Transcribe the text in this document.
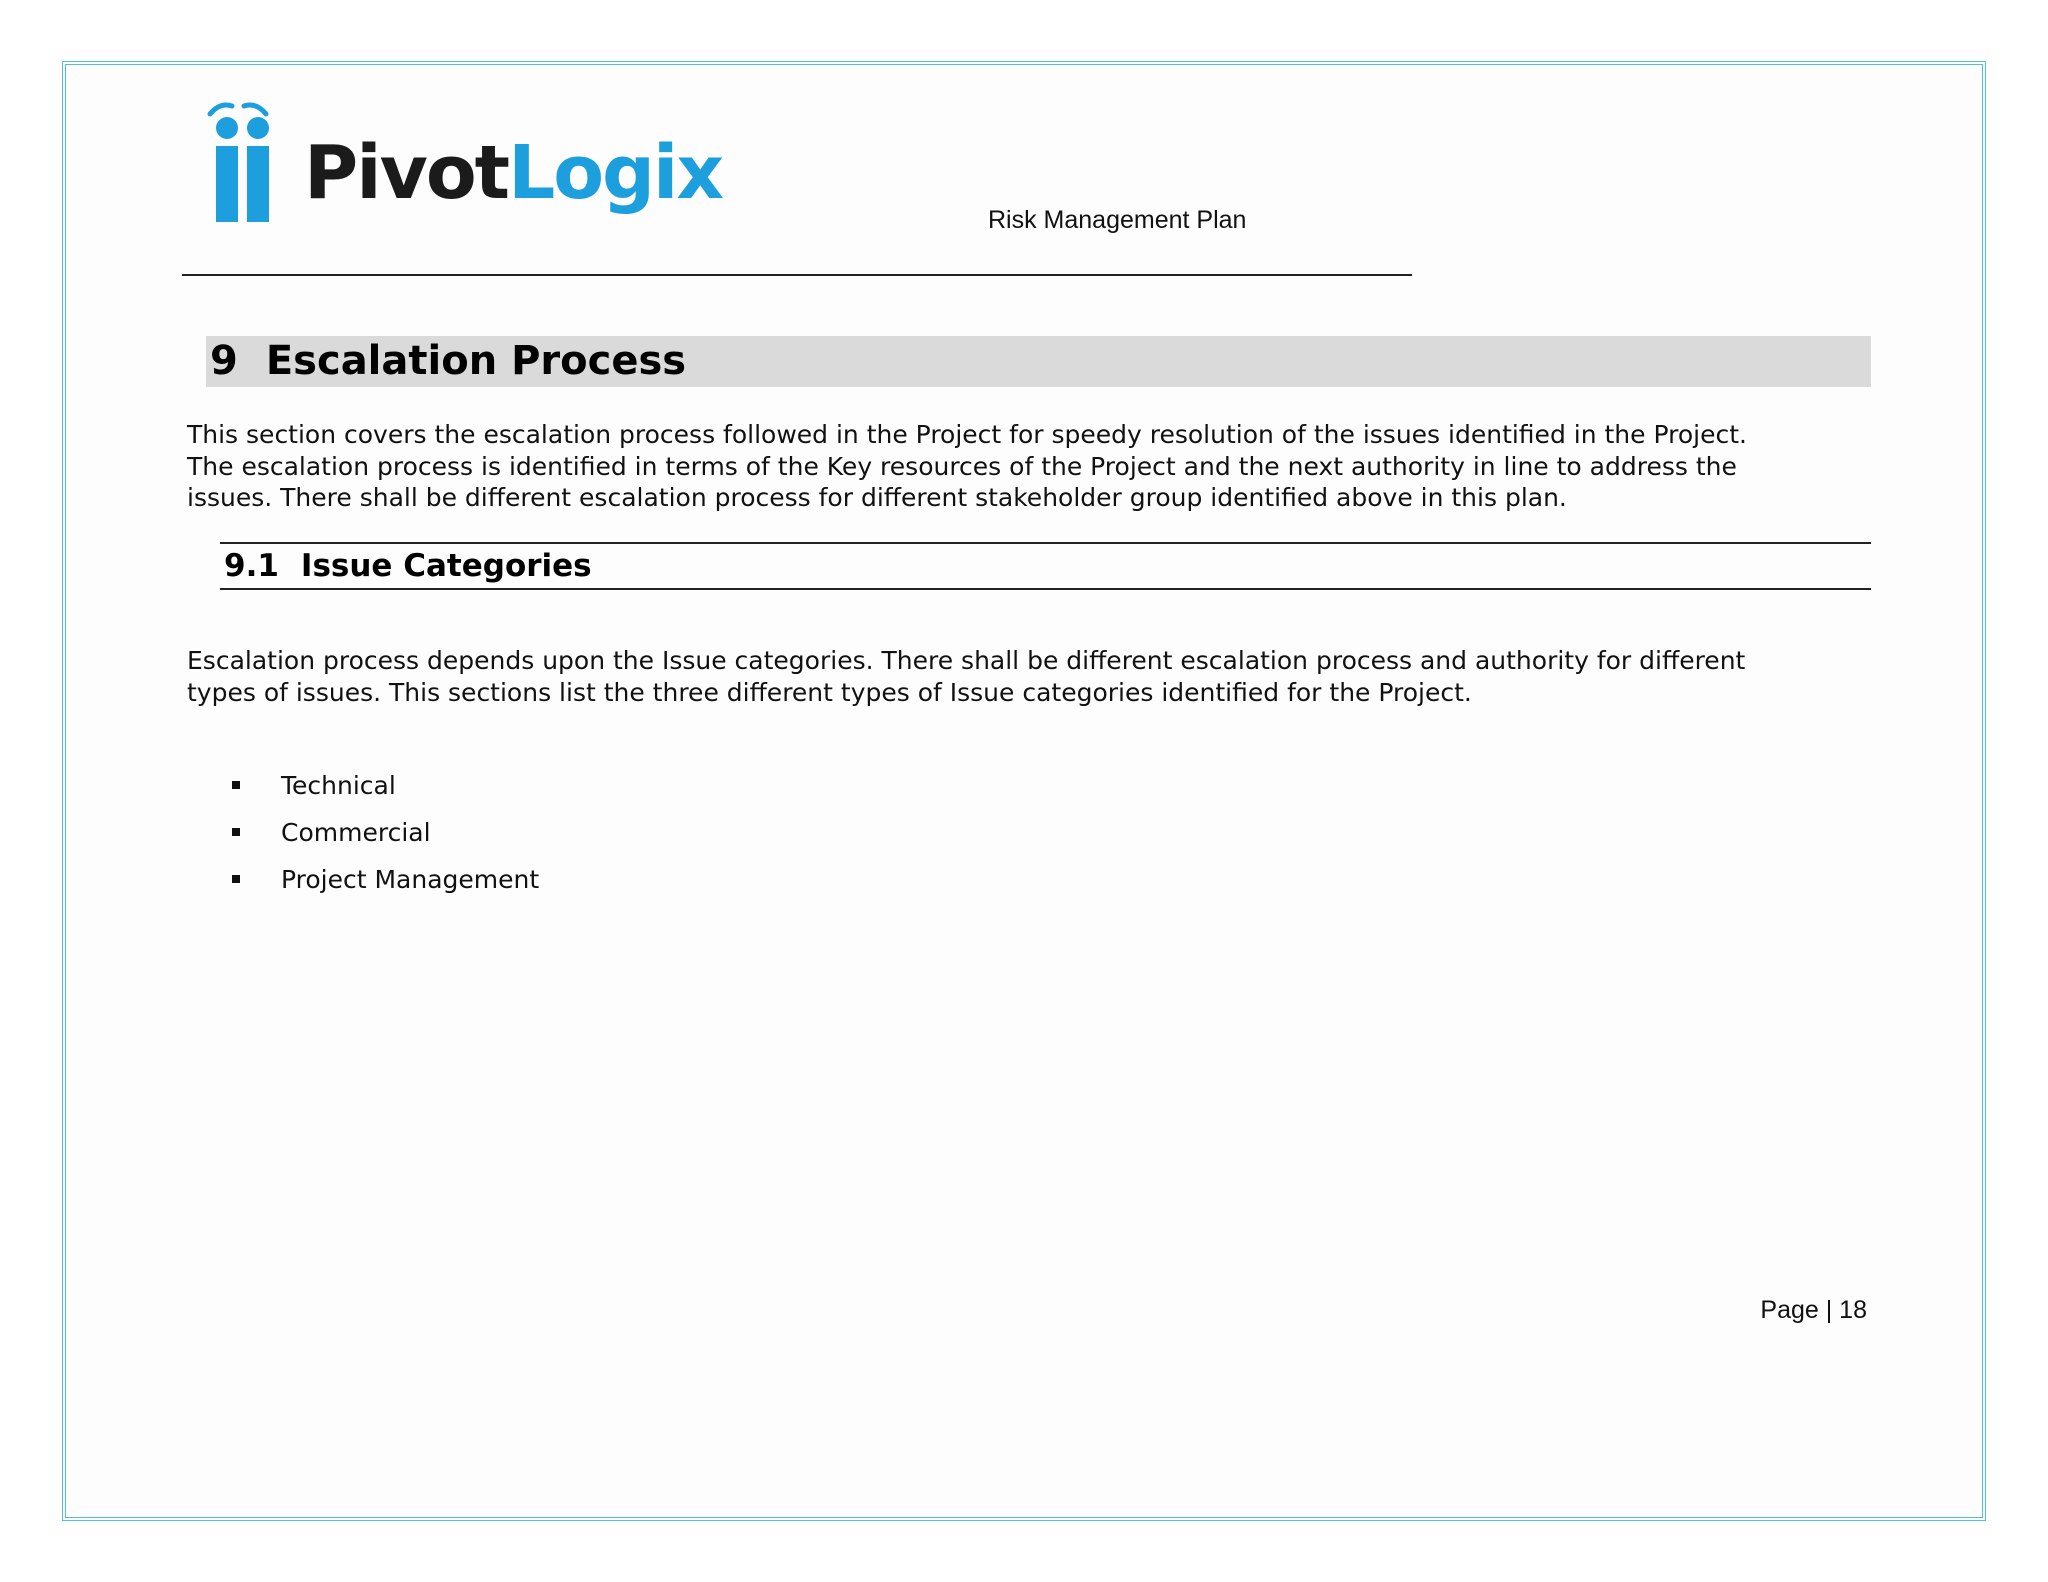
PivotLogix
Risk Management Plan
9 Escalation Process

This section covers the escalation process followed in the Project for speedy resolution of the issues identified in the Project.

The escalation process is identified in terms of the Key resources of the Project and the next authority in line to address the

issues. There shall be different escalation process for different stakeholder group identified above in this plan.

9.1 Issue Categories

Escalation process depends upon the Issue categories. There shall be different escalation process and authority for different

types of issues. This sections list the three different types of Issue categories identified for the Project.

Technical
Commercial
Project Management
Page | 18
